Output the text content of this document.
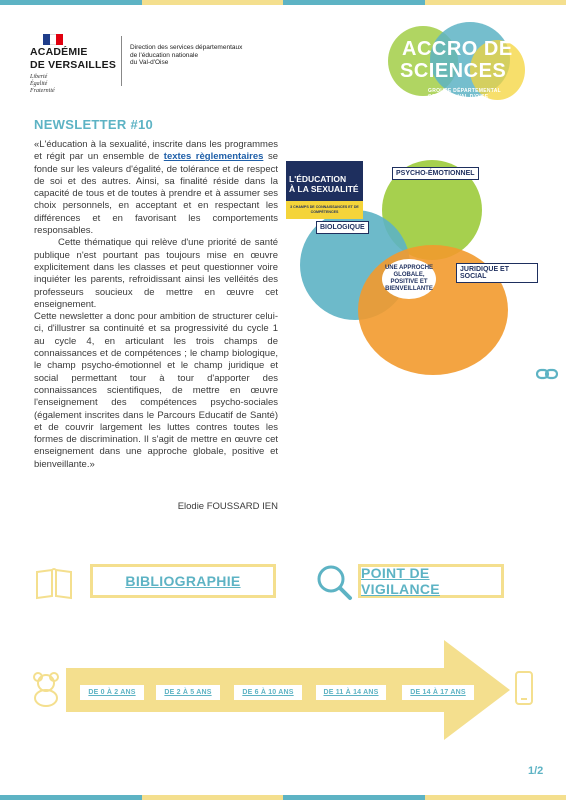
ACADÉMIE
DE VERSAILLES
Liberté
Égalité
Fraternité
Direction des services départementaux
de l'éducation nationale
du Val-d'Oise
ACCRO DE
SCIENCES
GROUPE DÉPARTEMENTAL SCIENCES VAL D'OISE
NEWSLETTER #10

«L'éducation à la sexualité, inscrite dans les programmes et régit par un ensemble de textes règlementaires se fonde sur les valeurs d'égalité, de tolérance et de respect de soi et des autres. Ainsi, sa finalité réside dans la capacité de tous et de toutes à prendre et à assumer ses choix personnels, en acceptant et en respectant les différences et en favorisant les comportements responsables.

Cette thématique qui relève d'une priorité de santé publique n'est pourtant pas toujours mise en œuvre explicitement dans les classes et peut questionner voire inquiéter les parents, refroidissant ainsi les velléités des professeurs soucieux de mettre en œuvre cet enseignement.

Cette newsletter a donc pour ambition de structurer celui-ci, d'illustrer sa continuité et sa progressivité du cycle 1 au cycle 4, en articulant les trois champs de connaissances et de compétences ; le champ biologique, le champ psycho-émotionnel et le champ juridique et social permettant tour à tour d'apporter des connaissances scientifiques, de mettre en œuvre l'enseignement des compétences psycho-sociales (également inscrites dans le Parcours Educatif de Santé) et de couvrir largement les luttes contres toutes les formes de discrimination. Il s'agit de mettre en œuvre cet enseignement dans une approche globale, positive et bienveillante.»

Elodie FOUSSARD IEN
L'ÉDUCATION
À LA SEXUALITÉ
3 CHAMPS DE CONNAISSANCES ET DE COMPÉTENCES
PSYCHO-ÉMOTIONNEL
BIOLOGIQUE
JURIDIQUE ET SOCIAL
UNE APPROCHE GLOBALE, POSITIVE ET BIENVEILLANTE
BIBLIOGRAPHIE	POINT DE VIGILANCE
DE 0 À 2 ANS	DE 2 À 5 ANS	DE 6 À 10 ANS	DE 11 À 14 ANS	DE 14 À 17 ANS
1/2
